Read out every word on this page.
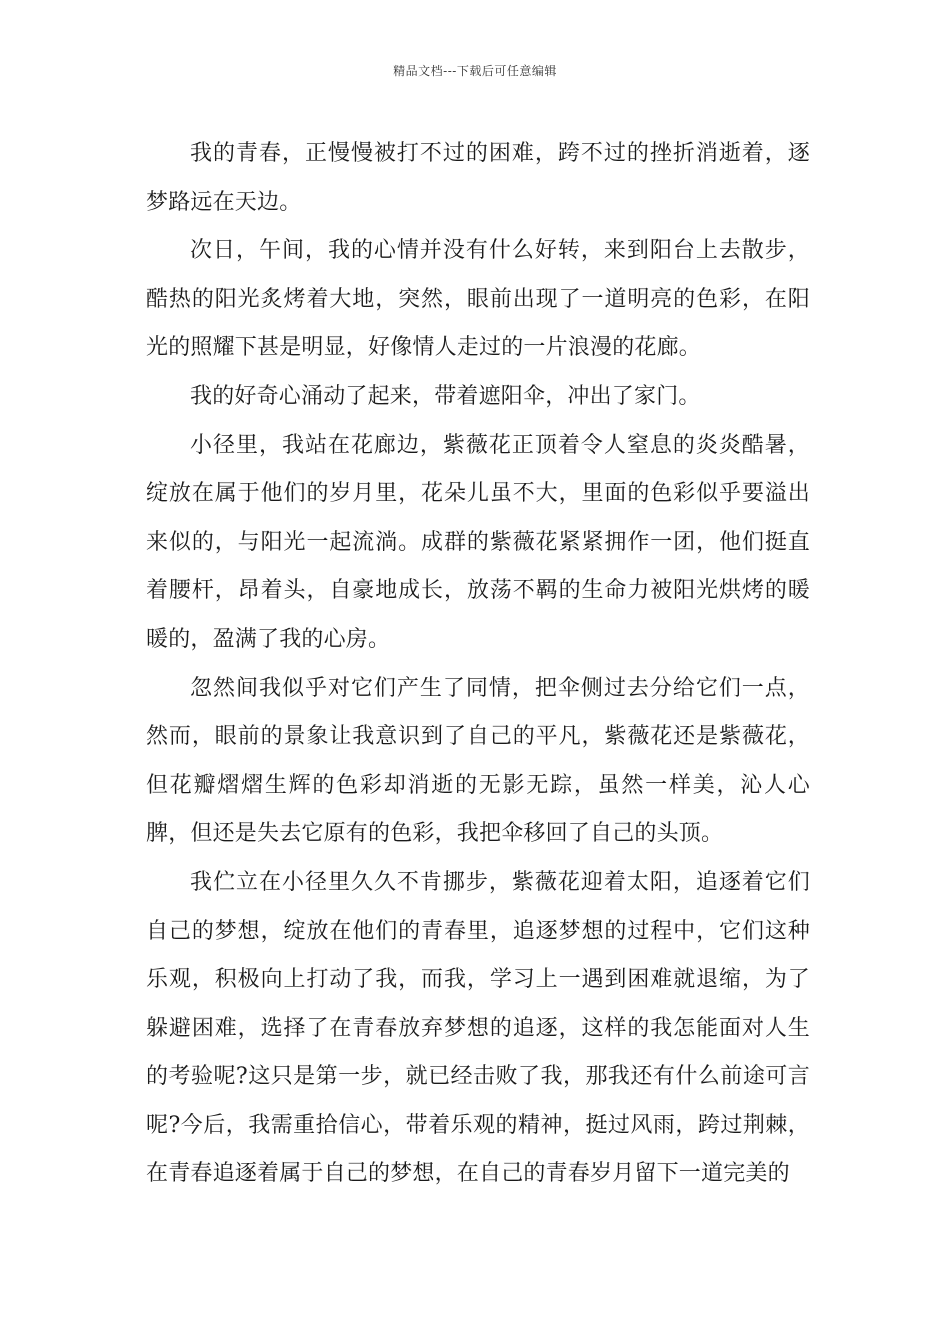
精品文档---下载后可任意编辑

我的青春，正慢慢被打不过的困难，跨不过的挫折消逝着，逐梦路远在天边。

次日，午间，我的心情并没有什么好转，来到阳台上去散步，酷热的阳光炙烤着大地，突然，眼前出现了一道明亮的色彩，在阳光的照耀下甚是明显，好像情人走过的一片浪漫的花廊。

我的好奇心涌动了起来，带着遮阳伞，冲出了家门。

小径里，我站在花廊边，紫薇花正顶着令人窒息的炎炎酷暑，绽放在属于他们的岁月里，花朵儿虽不大，里面的色彩似乎要溢出来似的，与阳光一起流淌。成群的紫薇花紧紧拥作一团，他们挺直着腰杆，昂着头，自豪地成长，放荡不羁的生命力被阳光烘烤的暖暖的，盈满了我的心房。

忽然间我似乎对它们产生了同情，把伞侧过去分给它们一点，然而，眼前的景象让我意识到了自己的平凡，紫薇花还是紫薇花，但花瓣熠熠生辉的色彩却消逝的无影无踪，虽然一样美，沁人心脾，但还是失去它原有的色彩，我把伞移回了自己的头顶。

我伫立在小径里久久不肯挪步，紫薇花迎着太阳，追逐着它们自己的梦想，绽放在他们的青春里，追逐梦想的过程中，它们这种乐观，积极向上打动了我，而我，学习上一遇到困难就退缩，为了躲避困难，选择了在青春放弃梦想的追逐，这样的我怎能面对人生的考验呢?这只是第一步，就已经击败了我，那我还有什么前途可言呢?今后，我需重拾信心，带着乐观的精神，挺过风雨，跨过荆棘，在青春追逐着属于自己的梦想，在自己的青春岁月留下一道完美的
